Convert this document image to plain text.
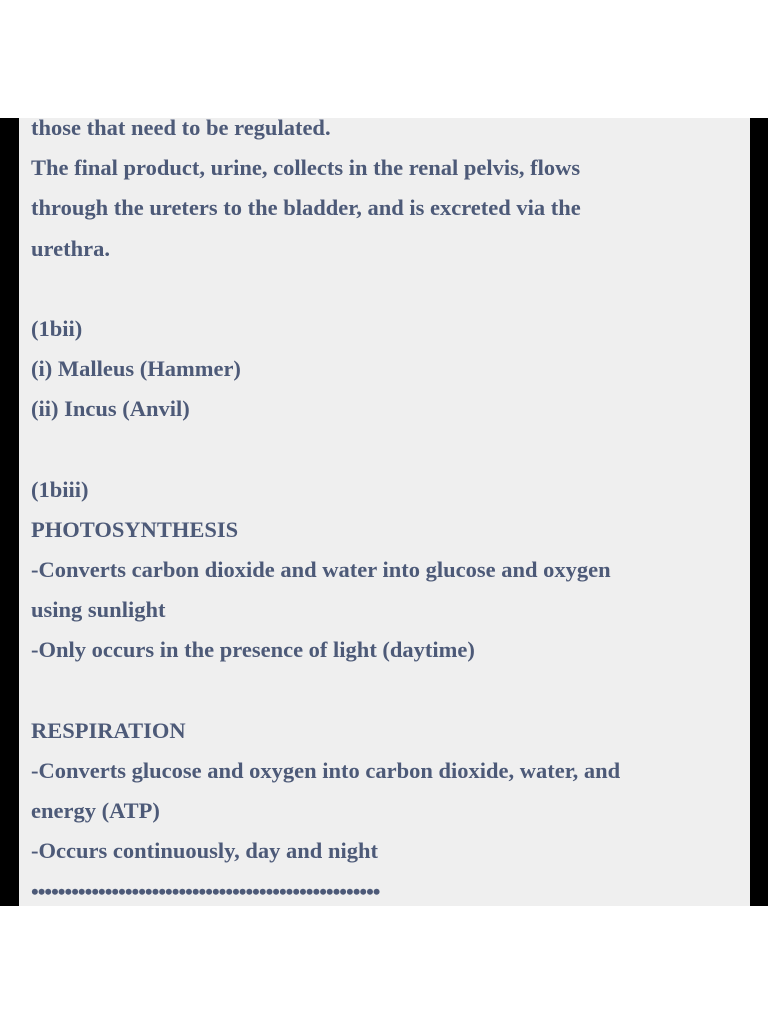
those that need to be regulated.
The final product, urine, collects in the renal pelvis, flows
through the ureters to the bladder, and is excreted via the
urethra.
(1bii)
(i) Malleus (Hammer)
(ii) Incus (Anvil)
(1biii)
PHOTOSYNTHESIS
-Converts carbon dioxide and water into glucose and oxygen
using sunlight
-Only occurs in the presence of light (daytime)
RESPIRATION
-Converts glucose and oxygen into carbon dioxide, water, and
energy (ATP)
-Occurs continuously, day and night
••••••••••••••••••••••••••••••••••••••••••••••••••••
